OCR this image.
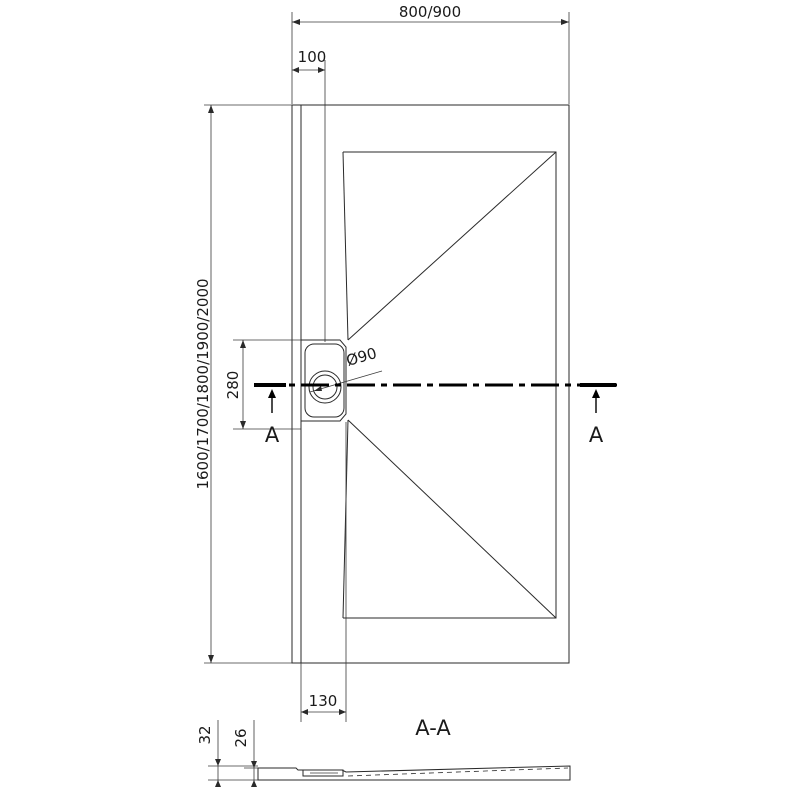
800/900
100
1600/1700/1800/1900/2000 280
Ø90
A	A
130
A-A
32 26
